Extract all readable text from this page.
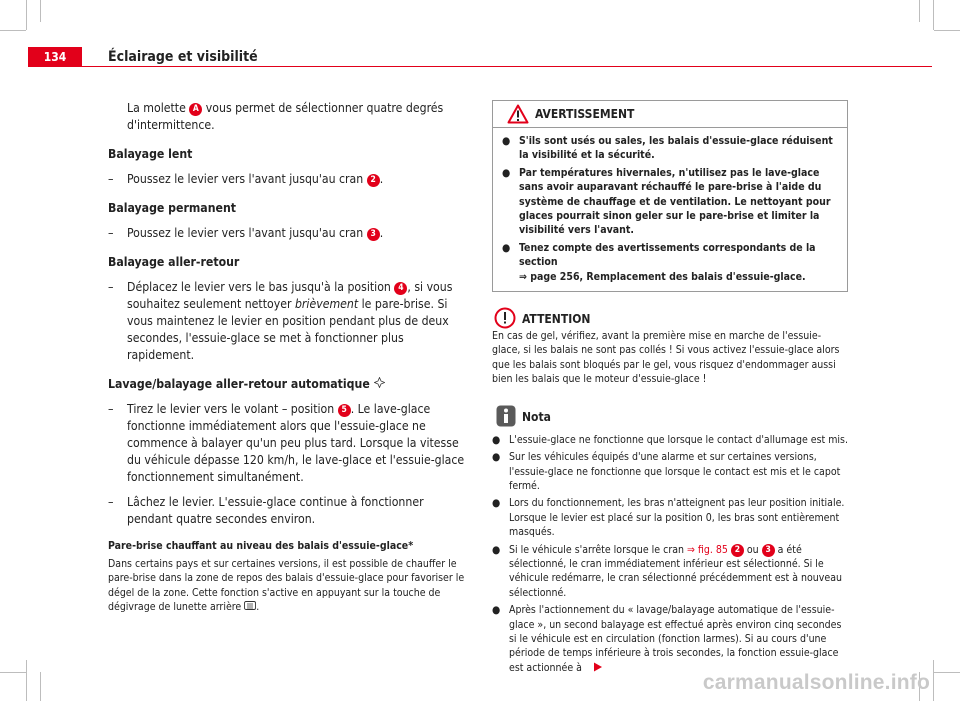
134	Éclairage et visibilité

La molette A vous permet de sélectionner quatre degrés d'intermittence.

Balayage lent

– Poussez le levier vers l'avant jusqu'au cran 2 .

Balayage permanent

– Poussez le levier vers l'avant jusqu'au cran 3 .

Balayage aller-retour

– Déplacez le levier vers le bas jusqu'à la position 4 , si vous souhaitez seulement nettoyer brièvement le pare-brise. Si vous maintenez le levier en position pendant plus de deux secondes, l'essuie-glace se met à fonctionner plus rapidement.

Lavage/balayage aller-retour automatique

– Tirez le levier vers le volant – position 5 . Le lave-glace fonctionne immédiatement alors que l'essuie-glace ne commence à balayer qu'un peu plus tard. Lorsque la vitesse du véhicule dépasse 120 km/h, le lave-glace et l'essuie-glace fonctionnement simultanément.
– Lâchez le levier. L'essuie-glace continue à fonctionner pendant quatre secondes environ.

Pare-brise chauffant au niveau des balais d'essuie-glace*

Dans certains pays et sur certaines versions, il est possible de chauffer le pare-brise dans la zone de repos des balais d'essuie-glace pour favoriser le dégel de la zone. Cette fonction s'active en appuyant sur la touche de dégivrage de lunette arrière .

AVERTISSEMENT
● S'ils sont usés ou sales, les balais d'essuie-glace réduisent la visibilité et la sécurité.
● Par températures hivernales, n'utilisez pas le lave-glace sans avoir auparavant réchauffé le pare-brise à l'aide du système de chauffage et de ventilation. Le nettoyant pour glaces pourrait sinon geler sur le pare-brise et limiter la visibilité vers l'avant.
● Tenez compte des avertissements correspondants de la section
⇒ page 256, Remplacement des balais d'essuie-glace.
ATTENTION

En cas de gel, vérifiez, avant la première mise en marche de l'essuie-glace, si les balais ne sont pas collés ! Si vous activez l'essuie-glace alors que les balais sont bloqués par le gel, vous risquez d'endommager aussi bien les balais que le moteur d'essuie-glace !

Nota
● L'essuie-glace ne fonctionne que lorsque le contact d'allumage est mis.
● Sur les véhicules équipés d'une alarme et sur certaines versions, l'essuie-glace ne fonctionne que lorsque le contact est mis et le capot fermé.
● Lors du fonctionnement, les bras n'atteignent pas leur position initiale. Lorsque le levier est placé sur la position 0, les bras sont entièrement masqués.
● Si le véhicule s'arrête lorsque le cran ⇒ fig. 85 2 ou 3 a été sélectionné, le cran immédiatement inférieur est sélectionné. Si le véhicule redémarre, le cran sélectionné précédemment est à nouveau sélectionné.
● Après l'actionnement du « lavage/balayage automatique de l'essuie-glace », un second balayage est effectué après environ cinq secondes si le véhicule est en circulation (fonction larmes). Si au cours d'une période de temps inférieure à trois secondes, la fonction essuie-glace est actionnée à
carmanualsonline.info
